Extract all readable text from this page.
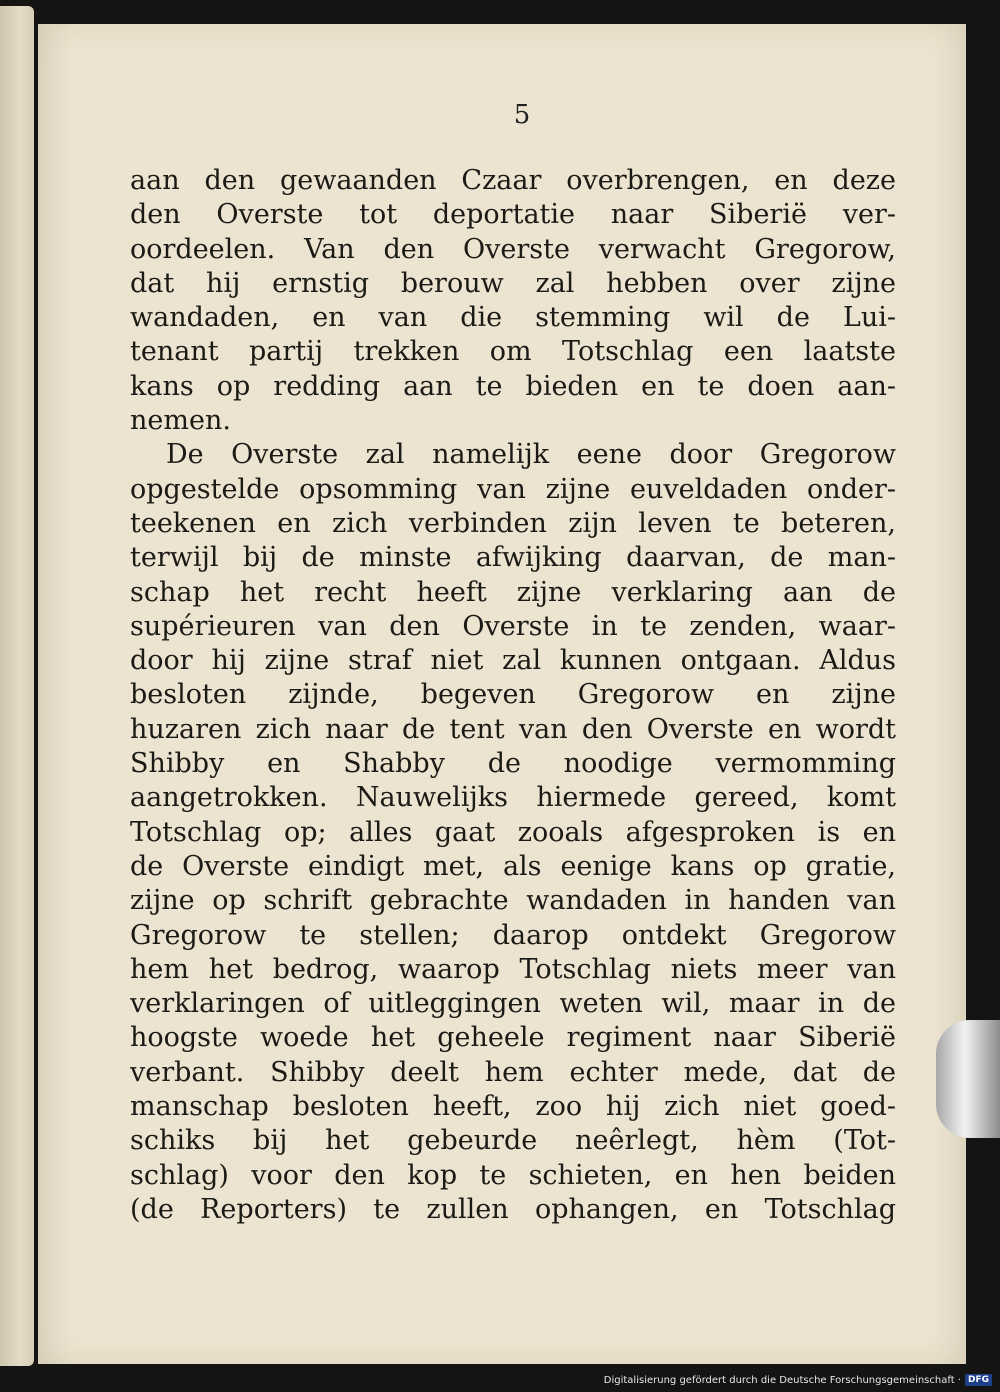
5
aan den gewaanden Czaar overbrengen, en deze
den Overste tot deportatie naar Siberië ver-
oordeelen. Van den Overste verwacht Gregorow,
dat hij ernstig berouw zal hebben over zijne
wandaden, en van die stemming wil de Lui-
tenant partij trekken om Totschlag een laatste
kans op redding aan te bieden en te doen aan-
nemen.
De Overste zal namelijk eene door Gregorow
opgestelde opsomming van zijne euveldaden onder-
teekenen en zich verbinden zijn leven te beteren,
terwijl bij de minste afwijking daarvan, de man-
schap het recht heeft zijne verklaring aan de
supérieuren van den Overste in te zenden, waar-
door hij zijne straf niet zal kunnen ontgaan. Aldus
besloten zijnde, begeven Gregorow en zijne
huzaren zich naar de tent van den Overste en wordt
Shibby en Shabby de noodige vermomming
aangetrokken. Nauwelijks hiermede gereed, komt
Totschlag op; alles gaat zooals afgesproken is en
de Overste eindigt met, als eenige kans op gratie,
zijne op schrift gebrachte wandaden in handen van
Gregorow te stellen; daarop ontdekt Gregorow
hem het bedrog, waarop Totschlag niets meer van
verklaringen of uitleggingen weten wil, maar in de
hoogste woede het geheele regiment naar Siberië
verbant. Shibby deelt hem echter mede, dat de
manschap besloten heeft, zoo hij zich niet goed-
schiks bij het gebeurde neêrlegt, hèm (Tot-
schlag) voor den kop te schieten, en hen beiden
(de Reporters) te zullen ophangen, en Totschlag
Digitalisierung gefördert durch die Deutsche Forschungsgemeinschaft · DFG
